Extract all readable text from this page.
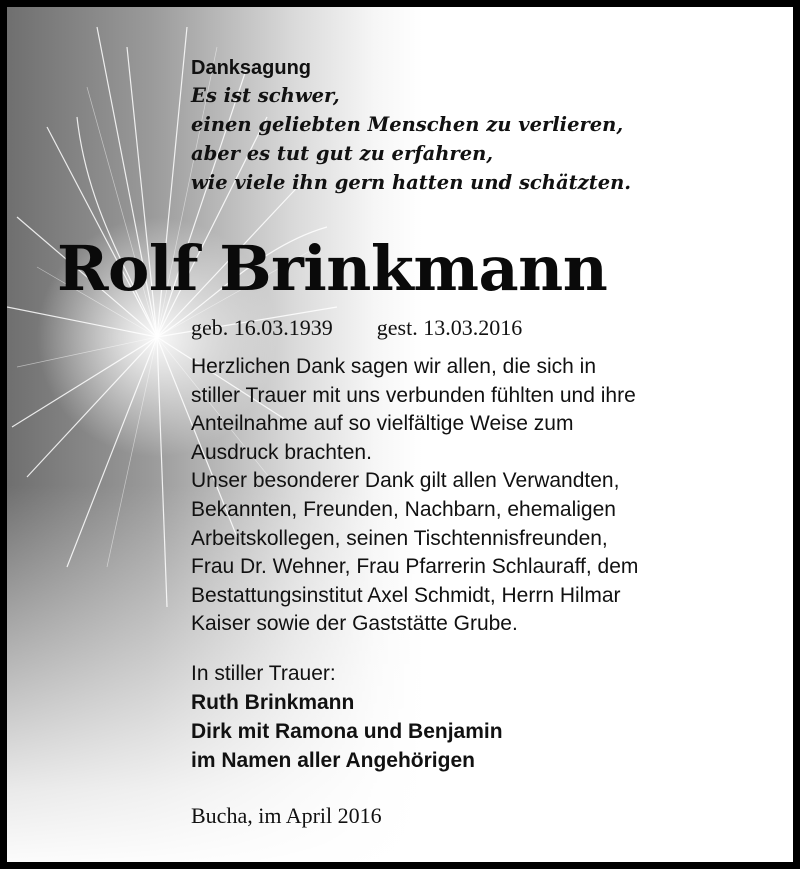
Danksagung

Es ist schwer,
einen geliebten Menschen zu verlieren,
aber es tut gut zu erfahren,
wie viele ihn gern hatten und schätzten.

Rolf Brinkmann

geb. 16.03.1939 gest. 13.03.2016

Herzlichen Dank sagen wir allen, die sich in
stiller Trauer mit uns verbunden fühlten und ihre
Anteilnahme auf so vielfältige Weise zum
Ausdruck brachten.
Unser besonderer Dank gilt allen Verwandten,
Bekannten, Freunden, Nachbarn, ehemaligen
Arbeitskollegen, seinen Tischtennisfreunden,
Frau Dr. Wehner, Frau Pfarrerin Schlauraff, dem
Bestattungsinstitut Axel Schmidt, Herrn Hilmar
Kaiser sowie der Gaststätte Grube.

In stiller Trauer:
Ruth Brinkmann
Dirk mit Ramona und Benjamin
im Namen aller Angehörigen

Bucha, im April 2016
